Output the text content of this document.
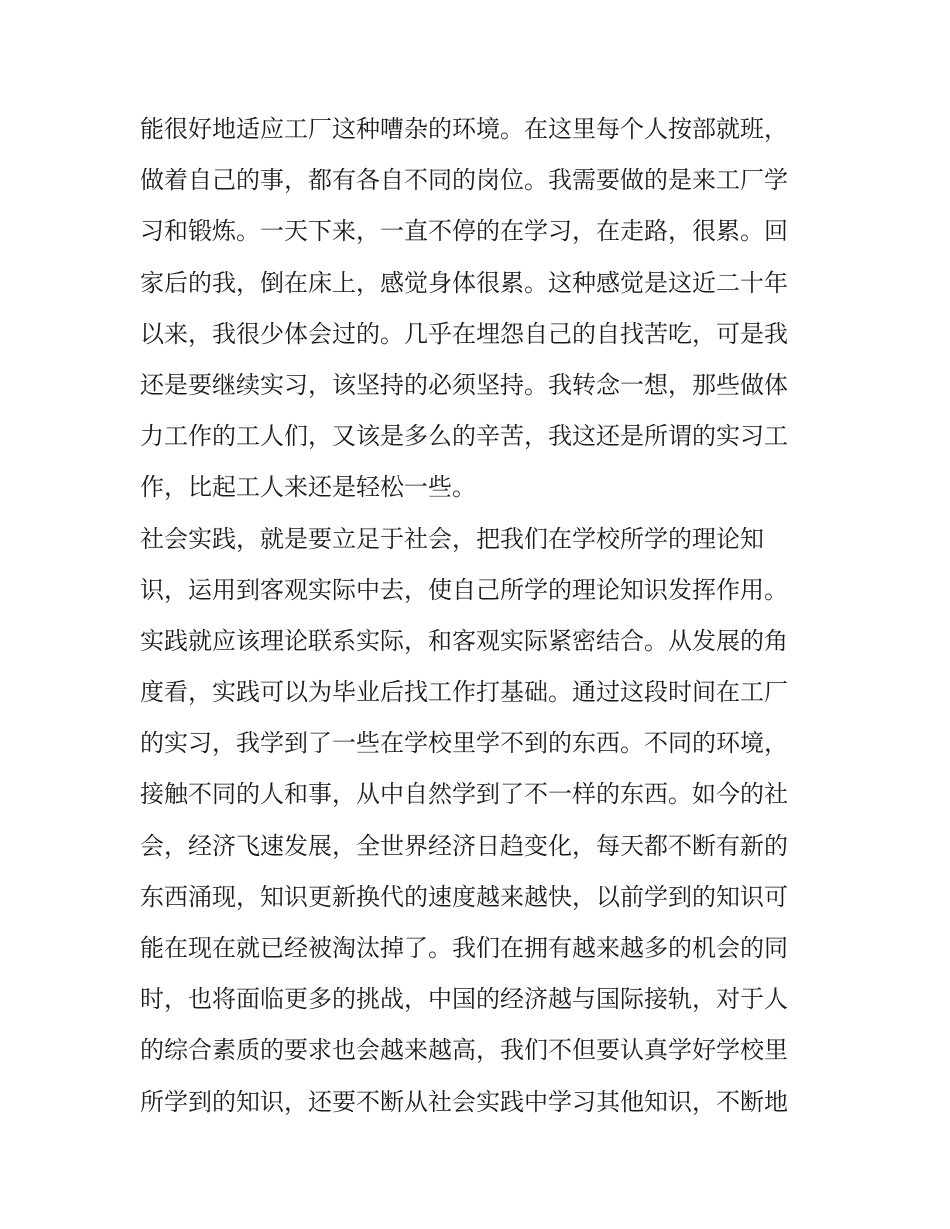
能很好地适应工厂这种嘈杂的环境。在这里每个人按部就班，
做着自己的事，都有各自不同的岗位。我需要做的是来工厂学
习和锻炼。一天下来，一直不停的在学习，在走路，很累。回
家后的我，倒在床上，感觉身体很累。这种感觉是这近二十年
以来，我很少体会过的。几乎在埋怨自己的自找苦吃，可是我
还是要继续实习，该坚持的必须坚持。我转念一想，那些做体
力工作的工人们，又该是多么的辛苦，我这还是所谓的实习工
作，比起工人来还是轻松一些。
社会实践，就是要立足于社会，把我们在学校所学的理论知
识，运用到客观实际中去，使自己所学的理论知识发挥作用。
实践就应该理论联系实际，和客观实际紧密结合。从发展的角
度看，实践可以为毕业后找工作打基础。通过这段时间在工厂
的实习，我学到了一些在学校里学不到的东西。不同的环境，
接触不同的人和事，从中自然学到了不一样的东西。如今的社
会，经济飞速发展，全世界经济日趋变化，每天都不断有新的
东西涌现，知识更新换代的速度越来越快，以前学到的知识可
能在现在就已经被淘汰掉了。我们在拥有越来越多的机会的同
时，也将面临更多的挑战，中国的经济越与国际接轨，对于人
的综合素质的要求也会越来越高，我们不但要认真学好学校里
所学到的知识，还要不断从社会实践中学习其他知识，不断地
